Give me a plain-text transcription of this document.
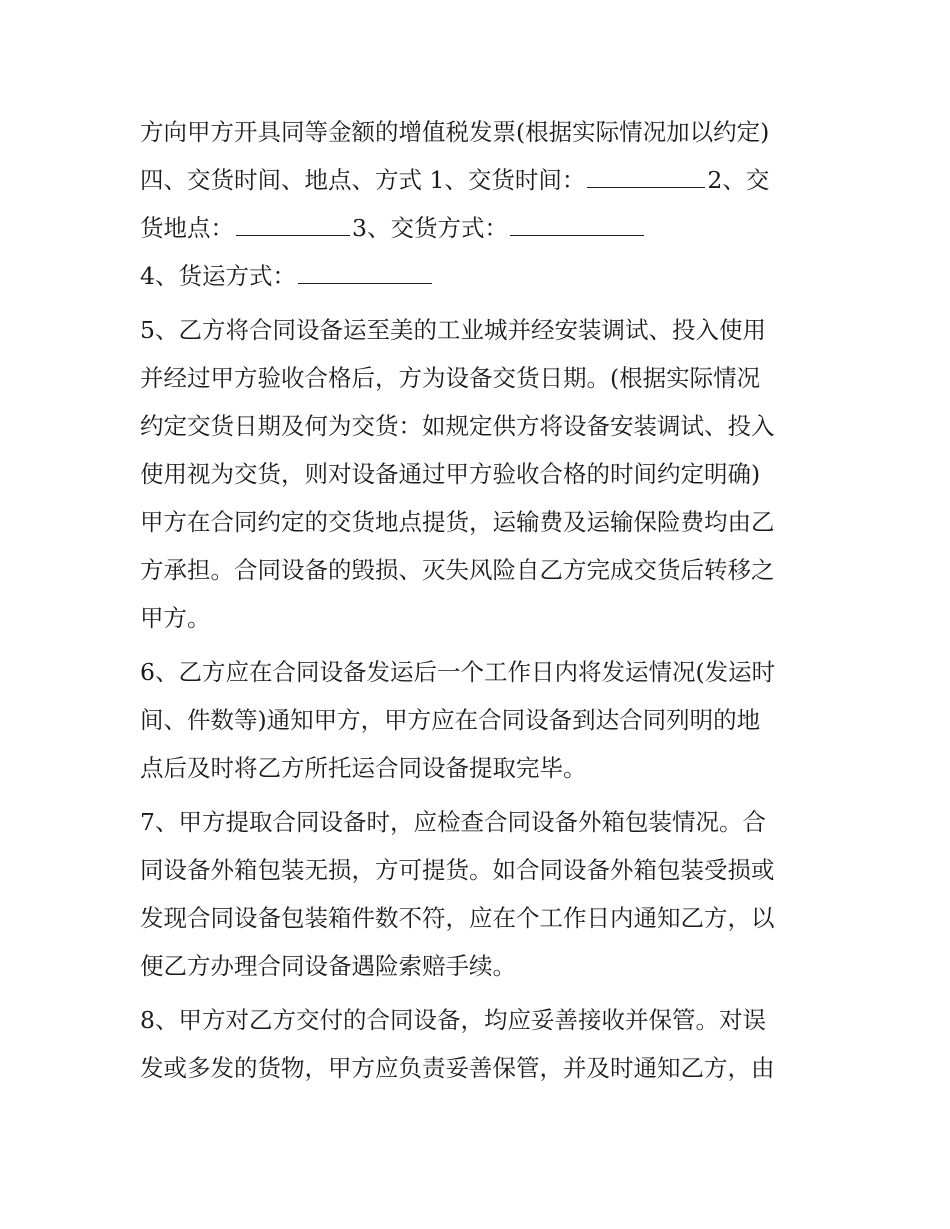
方向甲方开具同等金额的增值税发票(根据实际情况加以约定)
四、交货时间、地点、方式 1、交货时间：	2、交
货地点：	3、交货方式：
4、货运方式：
5、乙方将合同设备运至美的工业城并经安装调试、投入使用
并经过甲方验收合格后，方为设备交货日期。(根据实际情况
约定交货日期及何为交货：如规定供方将设备安装调试、投入
使用视为交货，则对设备通过甲方验收合格的时间约定明确)
甲方在合同约定的交货地点提货，运输费及运输保险费均由乙
方承担。合同设备的毁损、灭失风险自乙方完成交货后转移之
甲方。
6、乙方应在合同设备发运后一个工作日内将发运情况(发运时
间、件数等)通知甲方，甲方应在合同设备到达合同列明的地
点后及时将乙方所托运合同设备提取完毕。
7、甲方提取合同设备时，应检查合同设备外箱包装情况。合
同设备外箱包装无损，方可提货。如合同设备外箱包装受损或
发现合同设备包装箱件数不符，应在个工作日内通知乙方，以
便乙方办理合同设备遇险索赔手续。
8、甲方对乙方交付的合同设备，均应妥善接收并保管。对误
发或多发的货物，甲方应负责妥善保管，并及时通知乙方，由
